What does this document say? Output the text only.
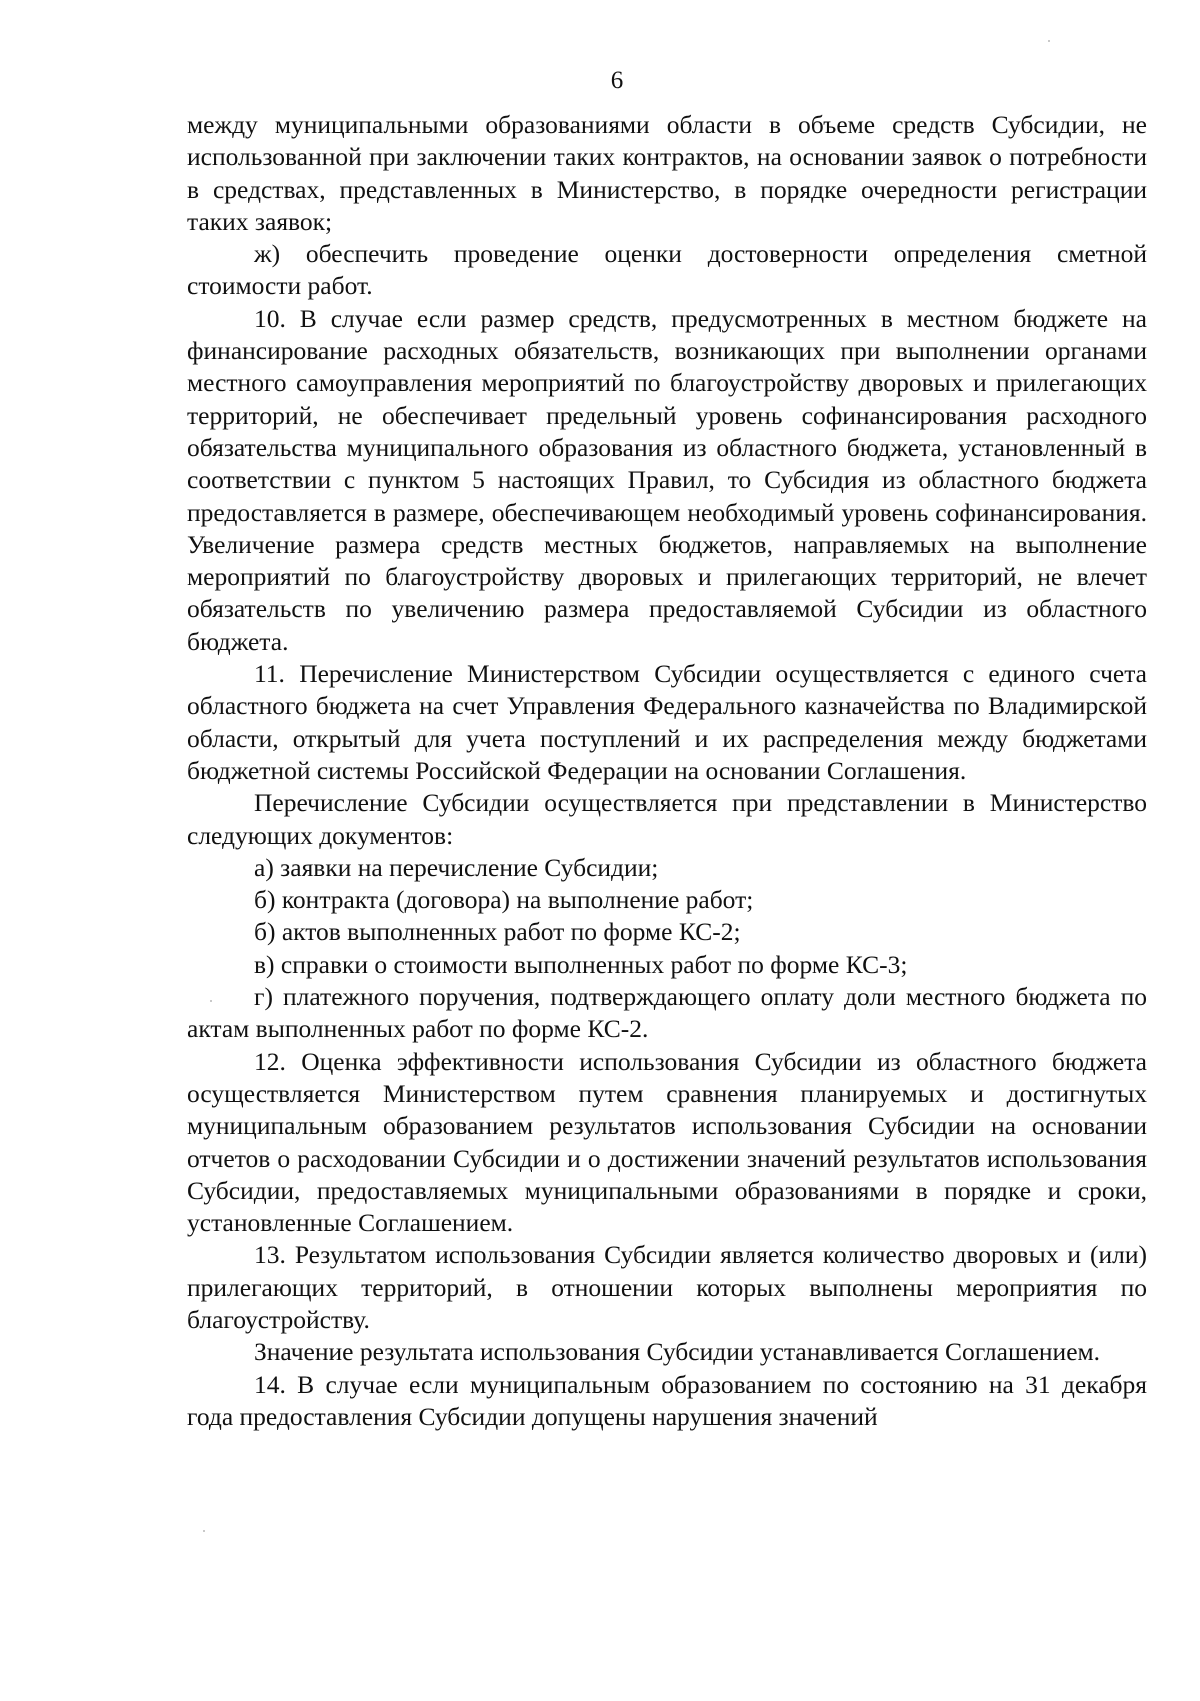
6

между муниципальными образованиями области в объеме средств Субсидии, не использованной при заключении таких контрактов, на основании заявок о потребности в средствах, представленных в Министерство, в порядке очередности регистрации таких заявок;

ж) обеспечить проведение оценки достоверности определения сметной стоимости работ.

10. В случае если размер средств, предусмотренных в местном бюджете на финансирование расходных обязательств, возникающих при выполнении органами местного самоуправления мероприятий по благоустройству дворовых и прилегающих территорий, не обеспечивает предельный уровень софинансирования расходного обязательства муниципального образования из областного бюджета, установленный в соответствии с пунктом 5 настоящих Правил, то Субсидия из областного бюджета предоставляется в размере, обеспечивающем необходимый уровень софинансирования. Увеличение размера средств местных бюджетов, направляемых на выполнение мероприятий по благоустройству дворовых и прилегающих территорий, не влечет обязательств по увеличению размера предоставляемой Субсидии из областного бюджета.

11. Перечисление Министерством Субсидии осуществляется с единого счета областного бюджета на счет Управления Федерального казначейства по Владимирской области, открытый для учета поступлений и их распределения между бюджетами бюджетной системы Российской Федерации на основании Соглашения.

Перечисление Субсидии осуществляется при представлении в Министерство следующих документов:

а) заявки на перечисление Субсидии;

б) контракта (договора) на выполнение работ;

б) актов выполненных работ по форме КС-2;

в) справки о стоимости выполненных работ по форме КС-3;

г) платежного поручения, подтверждающего оплату доли местного бюджета по актам выполненных работ по форме КС-2.

12. Оценка эффективности использования Субсидии из областного бюджета осуществляется Министерством путем сравнения планируемых и достигнутых муниципальным образованием результатов использования Субсидии на основании отчетов о расходовании Субсидии и о достижении значений результатов использования Субсидии, предоставляемых муниципальными образованиями в порядке и сроки, установленные Соглашением.

13. Результатом использования Субсидии является количество дворовых и (или) прилегающих территорий, в отношении которых выполнены мероприятия по благоустройству.

Значение результата использования Субсидии устанавливается Соглашением.

14. В случае если муниципальным образованием по состоянию на 31 декабря года предоставления Субсидии допущены нарушения значений
